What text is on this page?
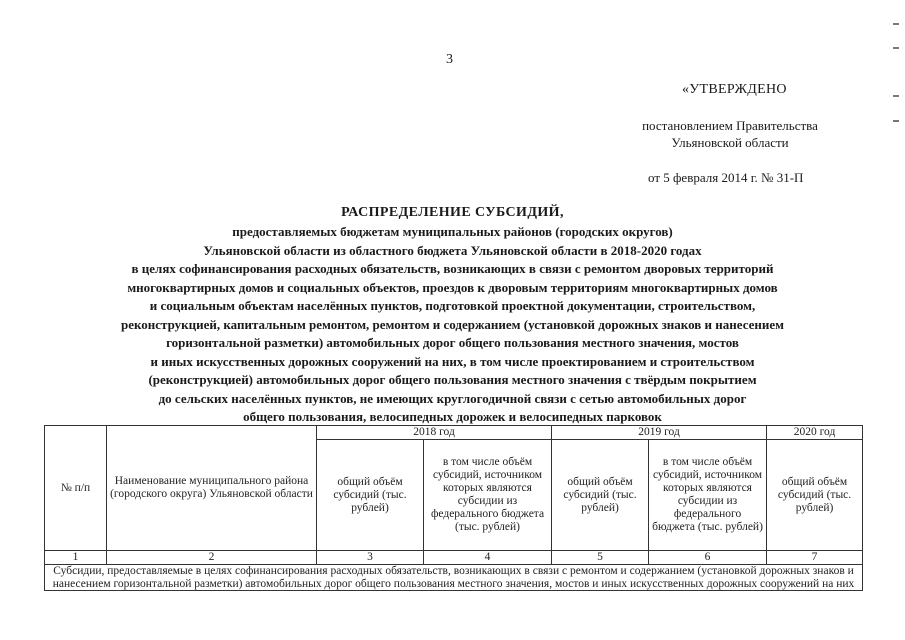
3
«УТВЕРЖДЕНО
постановлением Правительства
Ульяновской области
от 5 февраля 2014 г. № 31-П
РАСПРЕДЕЛЕНИЕ СУБСИДИЙ,
предоставляемых бюджетам муниципальных районов (городских округов)
Ульяновской области из областного бюджета Ульяновской области в 2018-2020 годах
в целях софинансирования расходных обязательств, возникающих в связи с ремонтом дворовых территорий
многоквартирных домов и социальных объектов, проездов к дворовым территориям многоквартирных домов
и социальным объектам населённых пунктов, подготовкой проектной документации, строительством,
реконструкцией, капитальным ремонтом, ремонтом и содержанием (установкой дорожных знаков и нанесением
горизонтальной разметки) автомобильных дорог общего пользования местного значения, мостов
и иных искусственных дорожных сооружений на них, в том числе проектированием и строительством
(реконструкцией) автомобильных дорог общего пользования местного значения с твёрдым покрытием
до сельских населённых пунктов, не имеющих круглогодичной связи с сетью автомобильных дорог
общего пользования, велосипедных дорожек и велосипедных парковок
№ п/п	Наименование муниципального района (городского округа) Ульяновской области	2018 год		2019 год		2020 год
		общий объём субсидий (тыс. рублей)	в том числе объём субсидий, источником которых являются субсидии из федерального бюджета (тыс. рублей)	общий объём субсидий (тыс. рублей)	в том числе объём субсидий, источником которых являются субсидии из федерального бюджета (тыс. рублей)	общий объём субсидий (тыс. рублей)
1	2	3	4	5	6	7
Субсидии, предоставляемые в целях софинансирования расходных обязательств, возникающих в связи с ремонтом и содержанием (установкой дорожных знаков и нанесением горизонтальной разметки) автомобильных дорог общего пользования местного значения, мостов и иных искусственных дорожных сооружений на них						
